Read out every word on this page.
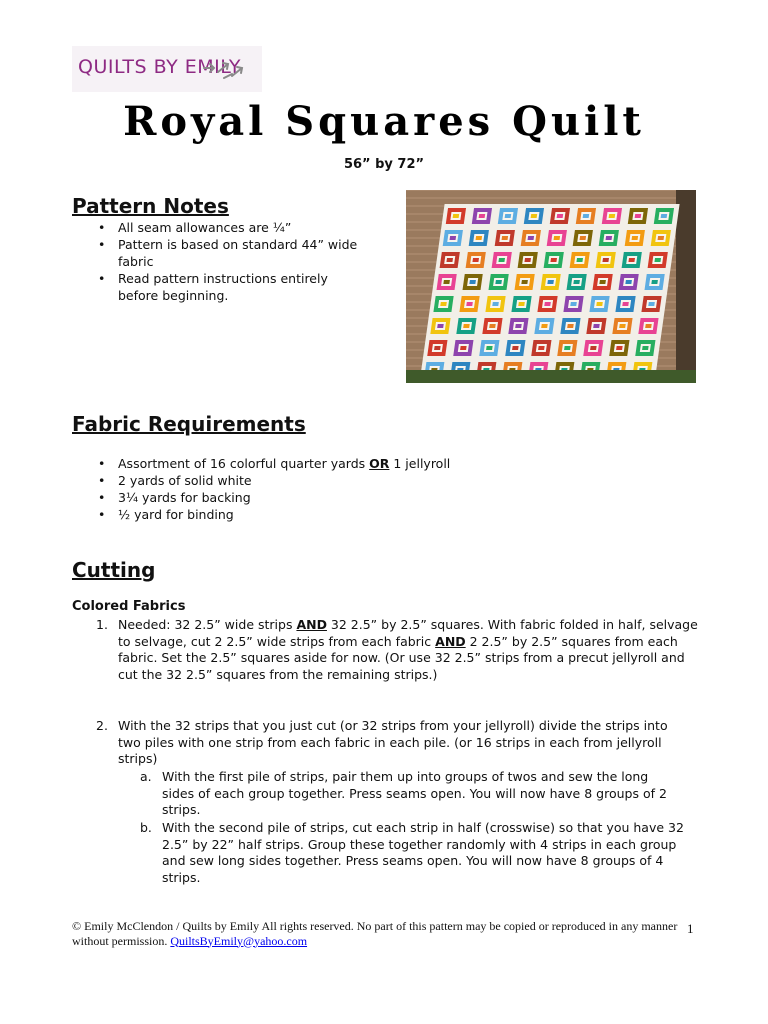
QUILTS BY EMILY
Royal Squares Quilt
56” by 72”
Pattern Notes
• All seam allowances are ¼”
• Pattern is based on standard 44” wide fabric
• Read pattern instructions entirely before beginning.
Fabric Requirements
• Assortment of 16 colorful quarter yards OR 1 jellyroll
• 2 yards of solid white
• 3¼ yards for backing
• ½ yard for binding
Cutting
Colored Fabrics
1. Needed: 32 2.5” wide strips AND 32 2.5” by 2.5” squares. With fabric folded in half, selvage to selvage, cut 2 2.5” wide strips from each fabric AND 2 2.5” by 2.5” squares from each fabric. Set the 2.5” squares aside for now. (Or use 32 2.5” strips from a precut jellyroll and cut the 32 2.5” squares from the remaining strips.)
2. With the 32 strips that you just cut (or 32 strips from your jellyroll) divide the strips into two piles with one strip from each fabric in each pile. (or 16 strips in each from jellyroll strips)
a. With the first pile of strips, pair them up into groups of twos and sew the long sides of each group together. Press seams open. You will now have 8 groups of 2 strips.
b. With the second pile of strips, cut each strip in half (crosswise) so that you have 32 2.5” by 22” half strips. Group these together randomly with 4 strips in each group and sew long sides together. Press seams open. You will now have 8 groups of 4 strips.
© Emily McClendon / Quilts by Emily All rights reserved. No part of this pattern may be copied or reproduced in any manner without permission. QuiltsByEmily@yahoo.com
1
